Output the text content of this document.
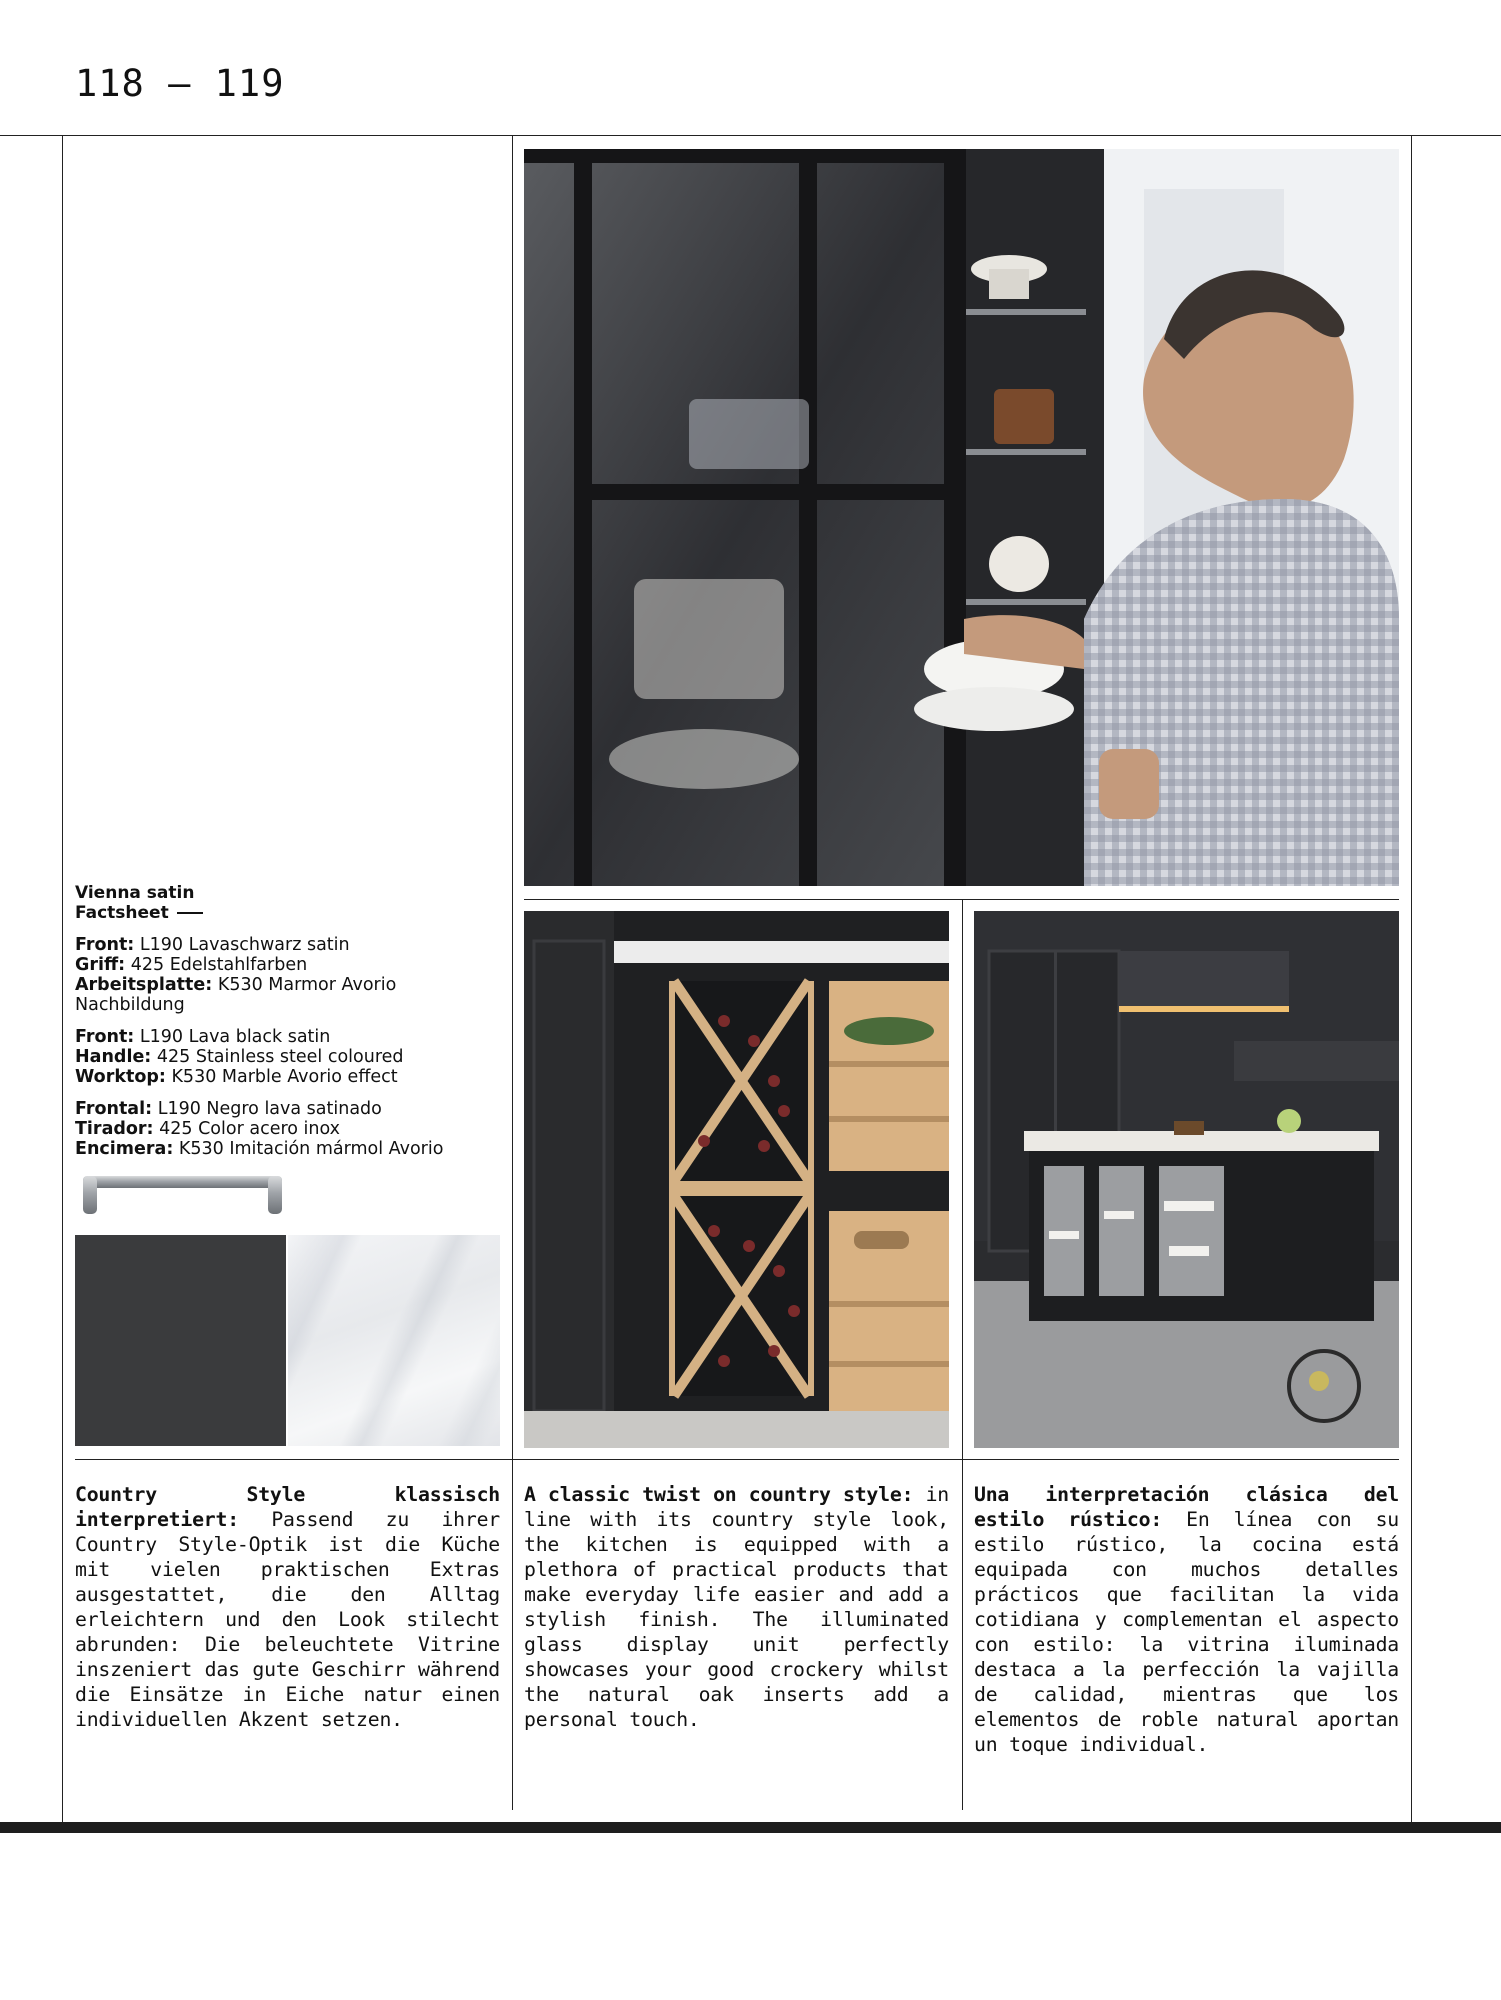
118 — 119
Vienna satin
Factsheet
Front: L190 Lavaschwarz satin
Griff: 425 Edelstahlfarben
Arbeitsplatte: K530 Marmor Avorio Nachbildung
Front: L190 Lava black satin
Handle: 425 Stainless steel coloured
Worktop: K530 Marble Avorio effect
Frontal: L190 Negro lava satinado
Tirador: 425 Color acero inox
Encimera: K530 Imitación mármol Avorio
Country Style klassisch interpretiert: Passend zu ihrer Country Style-Optik ist die Küche mit vielen praktischen Extras ausgestattet, die den Alltag erleichtern und den Look stilecht abrunden: Die beleuchtete Vitrine inszeniert das gute Geschirr während die Einsätze in Eiche natur einen individuellen Akzent setzen.
A classic twist on country style: in line with its country style look, the kitchen is equipped with a plethora of practical products that make everyday life easier and add a stylish finish. The illuminated glass display unit perfectly showcases your good crockery whilst the natural oak inserts add a personal touch.
Una interpretación clásica del estilo rústico: En línea con su estilo rústico, la cocina está equipada con muchos detalles prácticos que facilitan la vida cotidiana y complementan el aspecto con estilo: la vitrina iluminada destaca a la perfección la vajilla de calidad, mientras que los elementos de roble natural aportan un toque individual.
